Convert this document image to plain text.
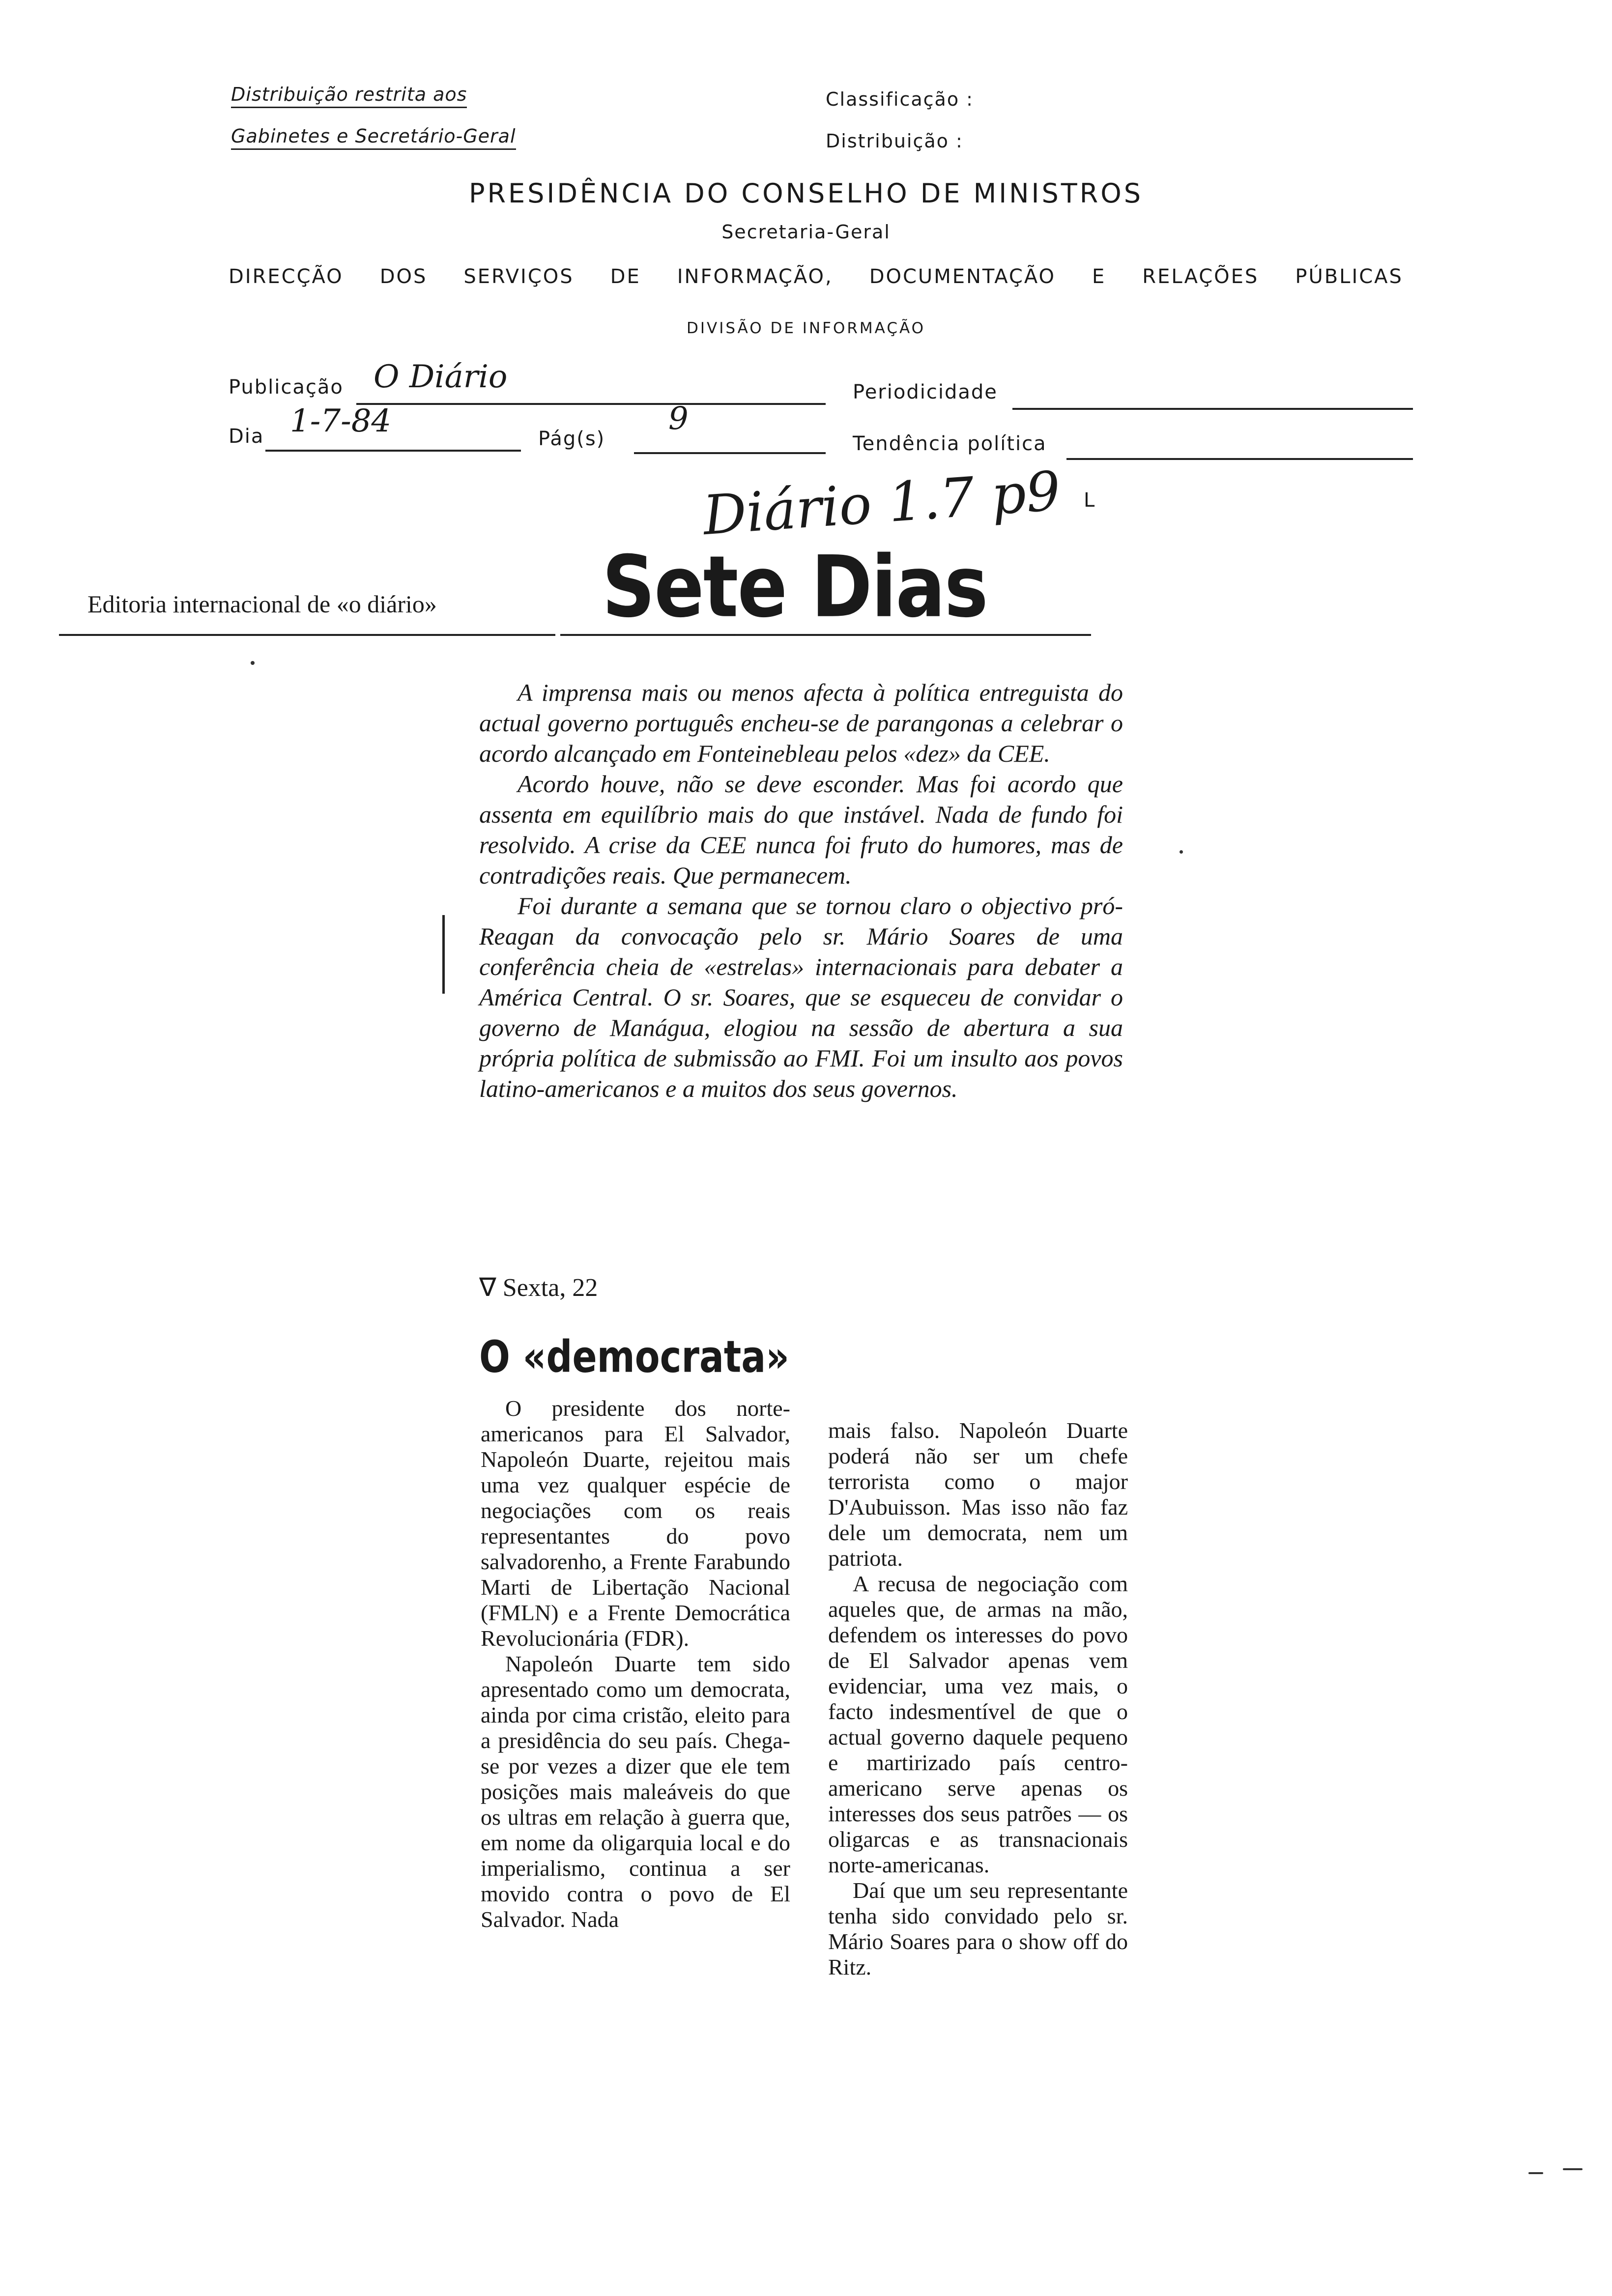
Distribuição restrita aos
Gabinetes e Secretário-Geral
Classificação :
Distribuição :
PRESIDÊNCIA DO CONSELHO DE MINISTROS
Secretaria-Geral
DIRECÇÃO DOS SERVIÇOS DE INFORMAÇÃO, DOCUMENTAÇÃO E RELAÇÕES PÚBLICAS
DIVISÃO DE INFORMAÇÃO
Publicação O Diário	Periodicidade
Dia 1-7-84	Pág(s)
9
Tendência política
Diário 1.7 p9 L
Editoria internacional de «o diário» Sete Dias

A imprensa mais ou menos afecta à política entreguista do actual governo português encheu-se de parangonas a celebrar o acordo alcançado em Fonteinebleau pelos «dez» da CEE.

Acordo houve, não se deve esconder. Mas foi acordo que assenta em equilíbrio mais do que instável. Nada de fundo foi resolvido. A crise da CEE nunca foi fruto do humores, mas de contradições reais. Que permanecem.

Foi durante a semana que se tornou claro o objectivo pró-Reagan da convocação pelo sr. Mário Soares de uma conferência cheia de «estrelas» internacionais para debater a América Central. O sr. Soares, que se esqueceu de convidar o governo de Manágua, elogiou na sessão de abertura a sua própria política de submissão ao FMI. Foi um insulto aos povos latino-americanos e a muitos dos seus governos.

∇ Sexta, 22
O «democrata»

O presidente dos norte-americanos para El Salvador, Napoleón Duarte, rejeitou mais uma vez qualquer espécie de negociações com os reais representantes do povo salvadorenho, a Frente Farabundo Marti de Libertação Nacional (FMLN) e a Frente Democrática Revolucionária (FDR).

Napoleón Duarte tem sido apresentado como um democrata, ainda por cima cristão, eleito para a presidência do seu país. Chega-se por vezes a dizer que ele tem posições mais maleáveis do que os ultras em relação à guerra que, em nome da oligarquia local e do imperialismo, continua a ser movido contra o povo de El Salvador. Nada

mais falso. Napoleón Duarte poderá não ser um chefe terrorista como o major D'Aubuisson. Mas isso não faz dele um democrata, nem um patriota.

A recusa de negociação com aqueles que, de armas na mão, defendem os interesses do povo de El Salvador apenas vem evidenciar, uma vez mais, o facto indesmentível de que o actual governo daquele pequeno e martirizado país centro-americano serve apenas os interesses dos seus patrões — os oligarcas e as transnacionais norte-americanas.

Daí que um seu representante tenha sido convidado pelo sr. Mário Soares para o show off do Ritz.
